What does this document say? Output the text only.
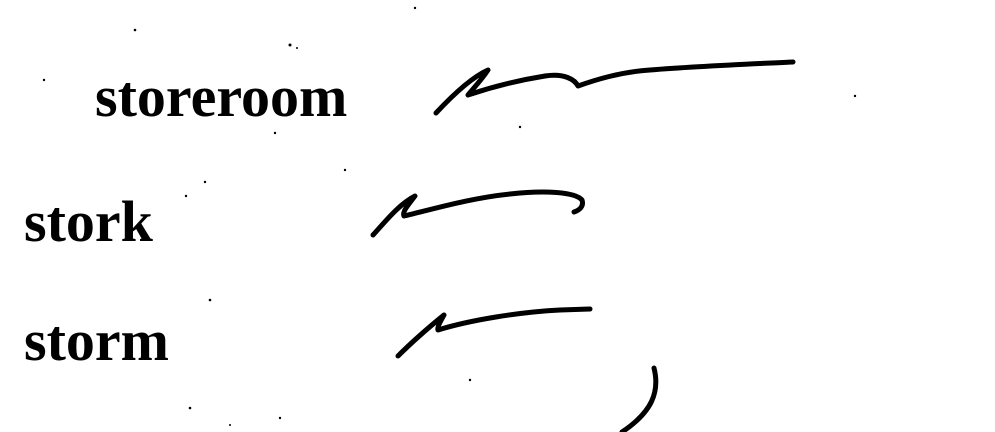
storeroom

stork

storm
